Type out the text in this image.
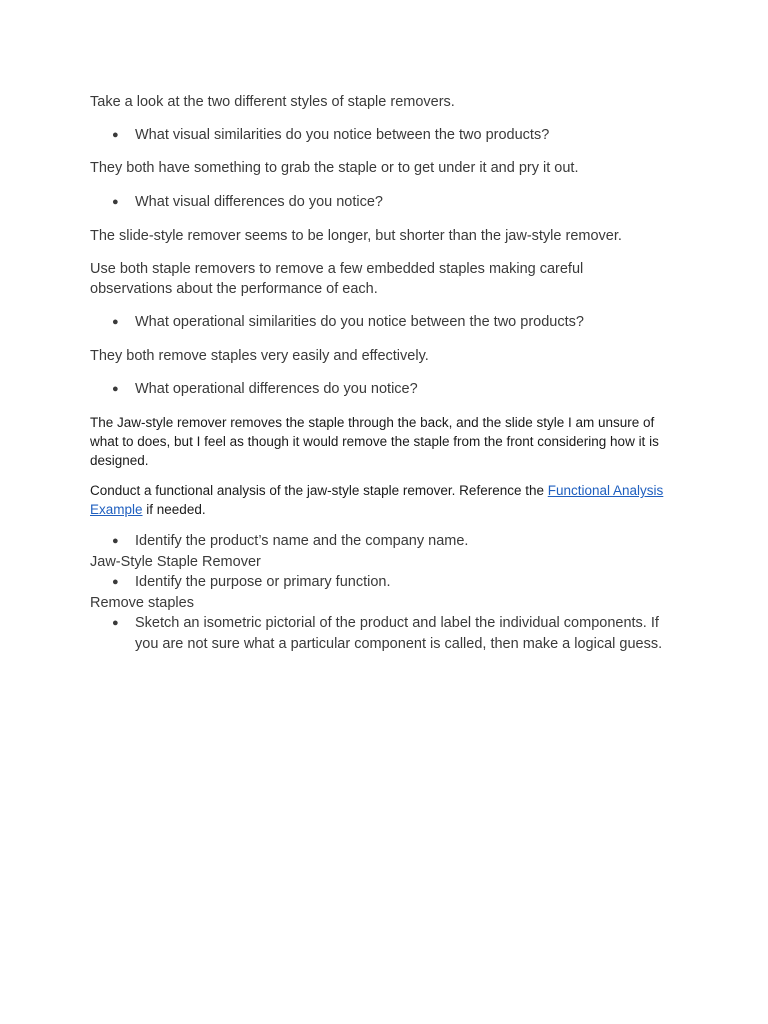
Take a look at the two different styles of staple removers.

● What visual similarities do you notice between the two products?

They both have something to grab the staple or to get under it and pry it out.

● What visual differences do you notice?

The slide-style remover seems to be longer, but shorter than the jaw-style remover.

Use both staple removers to remove a few embedded staples making careful observations about the performance of each.

● What operational similarities do you notice between the two products?

They both remove staples very easily and effectively.

● What operational differences do you notice?

The Jaw-style remover removes the staple through the back, and the slide style I am unsure of what to does, but I feel as though it would remove the staple from the front considering how it is designed.

Conduct a functional analysis of the jaw-style staple remover. Reference the Functional Analysis Example if needed.

● Identify the product’s name and the company name.

Jaw-Style Staple Remover

● Identify the purpose or primary function.

Remove staples

● Sketch an isometric pictorial of the product and label the individual components. If you are not sure what a particular component is called, then make a logical guess.
